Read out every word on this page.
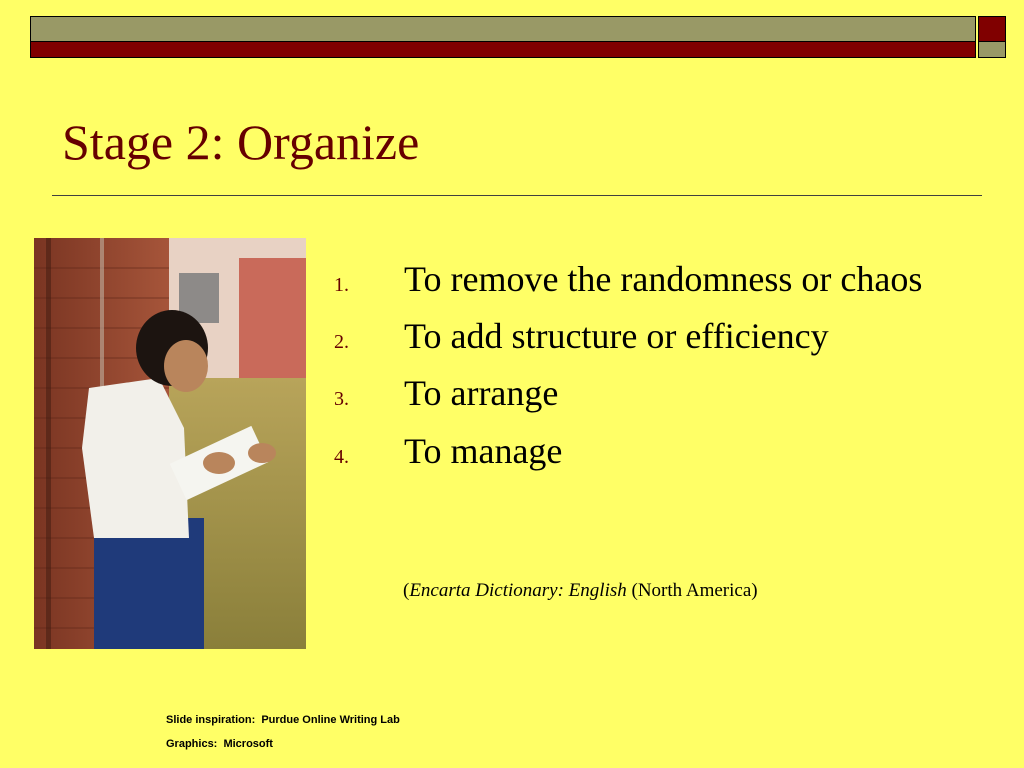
Stage 2: Organize
1. To remove the randomness or chaos
2. To add structure or efficiency
3. To arrange
4. To manage
(Encarta Dictionary: English (North America)
Slide inspiration:  Purdue Online Writing Lab
Graphics:  Microsoft
